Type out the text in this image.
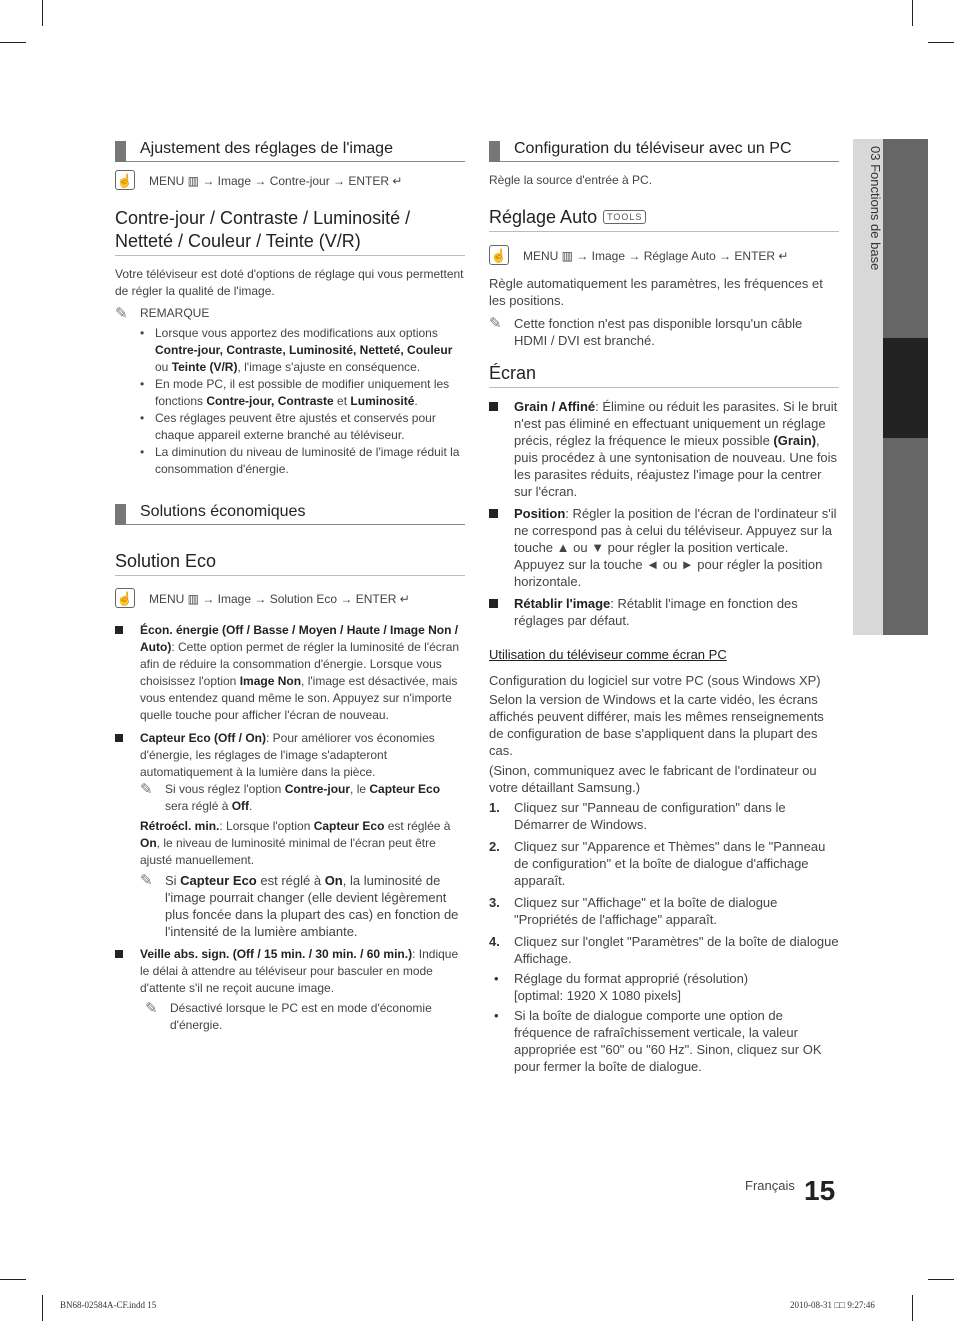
03 Fonctions de base
Ajustement des réglages de l'image
☝ MENU ▥ → Image → Contre-jour → ENTER ↵
Contre-jour / Contraste / Luminosité / Netteté / Couleur / Teinte (V/R)
Votre téléviseur est doté d'options de réglage qui vous permettent de régler la qualité de l'image.
✎ REMARQUE
• Lorsque vous apportez des modifications aux options Contre-jour, Contraste, Luminosité, Netteté, Couleur ou Teinte (V/R), l'image s'ajuste en conséquence.
• En mode PC, il est possible de modifier uniquement les fonctions Contre-jour, Contraste et Luminosité.
• Ces réglages peuvent être ajustés et conservés pour chaque appareil externe branché au téléviseur.
• La diminution du niveau de luminosité de l'image réduit la consommation d'énergie.
Solutions économiques
Solution Eco
☝ MENU ▥ → Image → Solution Eco → ENTER ↵
Écon. énergie (Off / Basse / Moyen / Haute / Image Non / Auto): Cette option permet de régler la luminosité de l'écran afin de réduire la consommation d'énergie. Lorsque vous choisissez l'option Image Non, l'image est désactivée, mais vous entendez quand même le son. Appuyez sur n'importe quelle touche pour afficher l'écran de nouveau.
Capteur Eco (Off / On): Pour améliorer vos économies d'énergie, les réglages de l'image s'adapteront automatiquement à la lumière dans la pièce.
✎ Si vous réglez l'option Contre-jour, le Capteur Eco sera réglé à Off.
Rétroécl. min.: Lorsque l'option Capteur Eco est réglée à On, le niveau de luminosité minimal de l'écran peut être ajusté manuellement.
✎ Si Capteur Eco est réglé à On, la luminosité de l'image pourrait changer (elle devient légèrement plus foncée dans la plupart des cas) en fonction de l'intensité de la lumière ambiante.
Veille abs. sign. (Off / 15 min. / 30 min. / 60 min.): Indique le délai à attendre au téléviseur pour basculer en mode d'attente s'il ne reçoit aucune image.
✎ Désactivé lorsque le PC est en mode d'économie d'énergie.
Configuration du téléviseur avec un PC
Règle la source d'entrée à PC.
Réglage Auto TOOLS
☝ MENU ▥ → Image → Réglage Auto → ENTER ↵
Règle automatiquement les paramètres, les fréquences et les positions.
✎ Cette fonction n'est pas disponible lorsqu'un câble HDMI / DVI est branché.
Écran
Grain / Affiné: Élimine ou réduit les parasites. Si le bruit n'est pas éliminé en effectuant uniquement un réglage précis, réglez la fréquence le mieux possible (Grain), puis procédez à une syntonisation de nouveau. Une fois les parasites réduits, réajustez l'image pour la centrer sur l'écran.
Position: Régler la position de l'écran de l'ordinateur s'il ne correspond pas à celui du téléviseur. Appuyez sur la touche ▲ ou ▼ pour régler la position verticale. Appuyez sur la touche ◄ ou ► pour régler la position horizontale.
Rétablir l'image: Rétablit l'image en fonction des réglages par défaut.
Utilisation du téléviseur comme écran PC
Configuration du logiciel sur votre PC (sous Windows XP)
Selon la version de Windows et la carte vidéo, les écrans affichés peuvent différer, mais les mêmes renseignements de configuration de base s'appliquent dans la plupart des cas.
(Sinon, communiquez avec le fabricant de l'ordinateur ou votre détaillant Samsung.)
1. Cliquez sur "Panneau de configuration" dans le Démarrer de Windows.
2. Cliquez sur "Apparence et Thèmes" dans le "Panneau de configuration" et la boîte de dialogue d'affichage apparaît.
3. Cliquez sur "Affichage" et la boîte de dialogue "Propriétés de l'affichage" apparaît.
4. Cliquez sur l'onglet "Paramètres" de la boîte de dialogue Affichage.
• Réglage du format approprié (résolution)
[optimal: 1920 X 1080 pixels]
• Si la boîte de dialogue comporte une option de fréquence de rafraîchissement verticale, la valeur appropriée est "60" ou "60 Hz". Sinon, cliquez sur OK pour fermer la boîte de dialogue.
Français 15
BN68-02584A-CF.indd 15	2010-08-31 □□ 9:27:46
